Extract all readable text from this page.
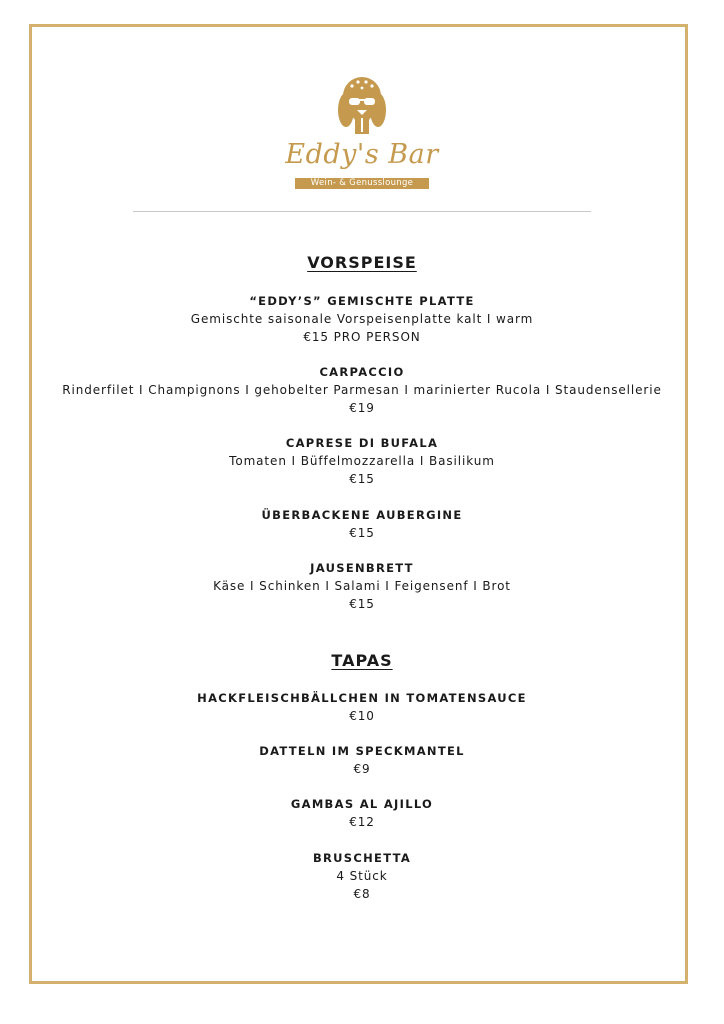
Eddy's Bar
Wein- & Genusslounge
VORSPEISE
“EDDY’S” GEMISCHTE PLATTE
Gemischte saisonale Vorspeisenplatte kalt I warm
€15 PRO PERSON
CARPACCIO
Rinderfilet I Champignons I gehobelter Parmesan I marinierter Rucola I Staudensellerie
€19
CAPRESE DI BUFALA
Tomaten I Büffelmozzarella I Basilikum
€15
ÜBERBACKENE AUBERGINE
€15
JAUSENBRETT
Käse I Schinken I Salami I Feigensenf I Brot
€15
TAPAS
HACKFLEISCHBÄLLCHEN IN TOMATENSAUCE
€10
DATTELN IM SPECKMANTEL
€9
GAMBAS AL AJILLO
€12
BRUSCHETTA
4 Stück
€8
